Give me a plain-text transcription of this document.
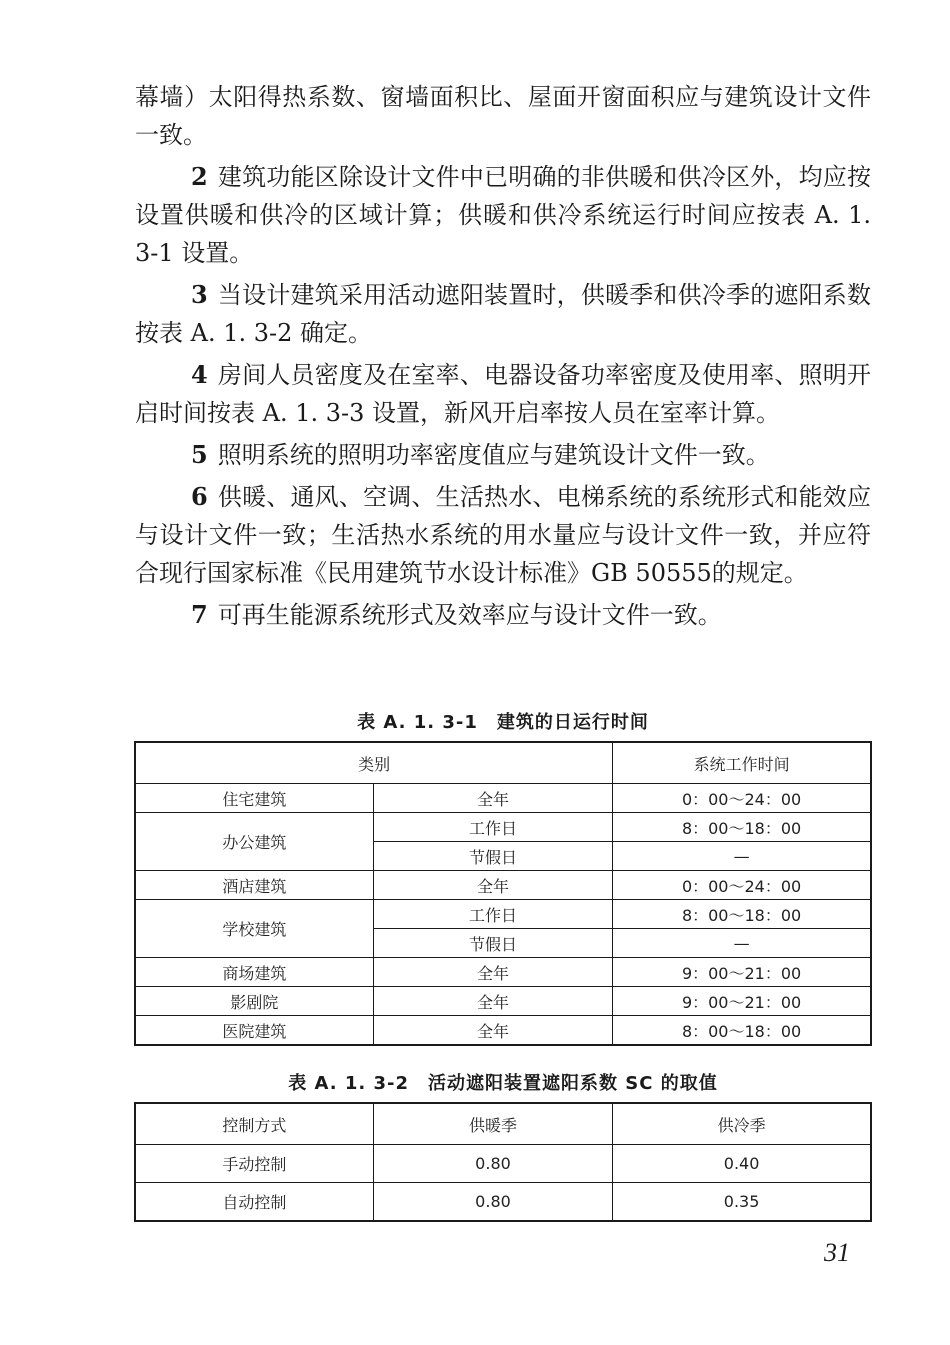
幕墙）太阳得热系数、窗墙面积比、屋面开窗面积应与建筑设计文件一致。

2 建筑功能区除设计文件中已明确的非供暖和供冷区外，均应按设置供暖和供冷的区域计算；供暖和供冷系统运行时间应按表 A. 1. 3-1 设置。

3 当设计建筑采用活动遮阳装置时，供暖季和供冷季的遮阳系数按表 A. 1. 3-2 确定。

4 房间人员密度及在室率、电器设备功率密度及使用率、照明开启时间按表 A. 1. 3-3 设置，新风开启率按人员在室率计算。

5 照明系统的照明功率密度值应与建筑设计文件一致。

6 供暖、通风、空调、生活热水、电梯系统的系统形式和能效应与设计文件一致；生活热水系统的用水量应与设计文件一致，并应符合现行国家标准《民用建筑节水设计标准》GB 50555的规定。

7 可再生能源系统形式及效率应与设计文件一致。

表 A. 1. 3-1　建筑的日运行时间
类别		系统工作时间
住宅建筑	全年	0：00～24：00
办公建筑	工作日	8：00～18：00
	节假日	—
酒店建筑	全年	0：00～24：00
学校建筑	工作日	8：00～18：00
	节假日	—
商场建筑	全年	9：00～21：00
影剧院	全年	9：00～21：00
医院建筑	全年	8：00～18：00
表 A. 1. 3-2　活动遮阳装置遮阳系数 SC 的取值
控制方式	供暖季	供冷季
手动控制	0.80	0.40
自动控制	0.80	0.35
31
